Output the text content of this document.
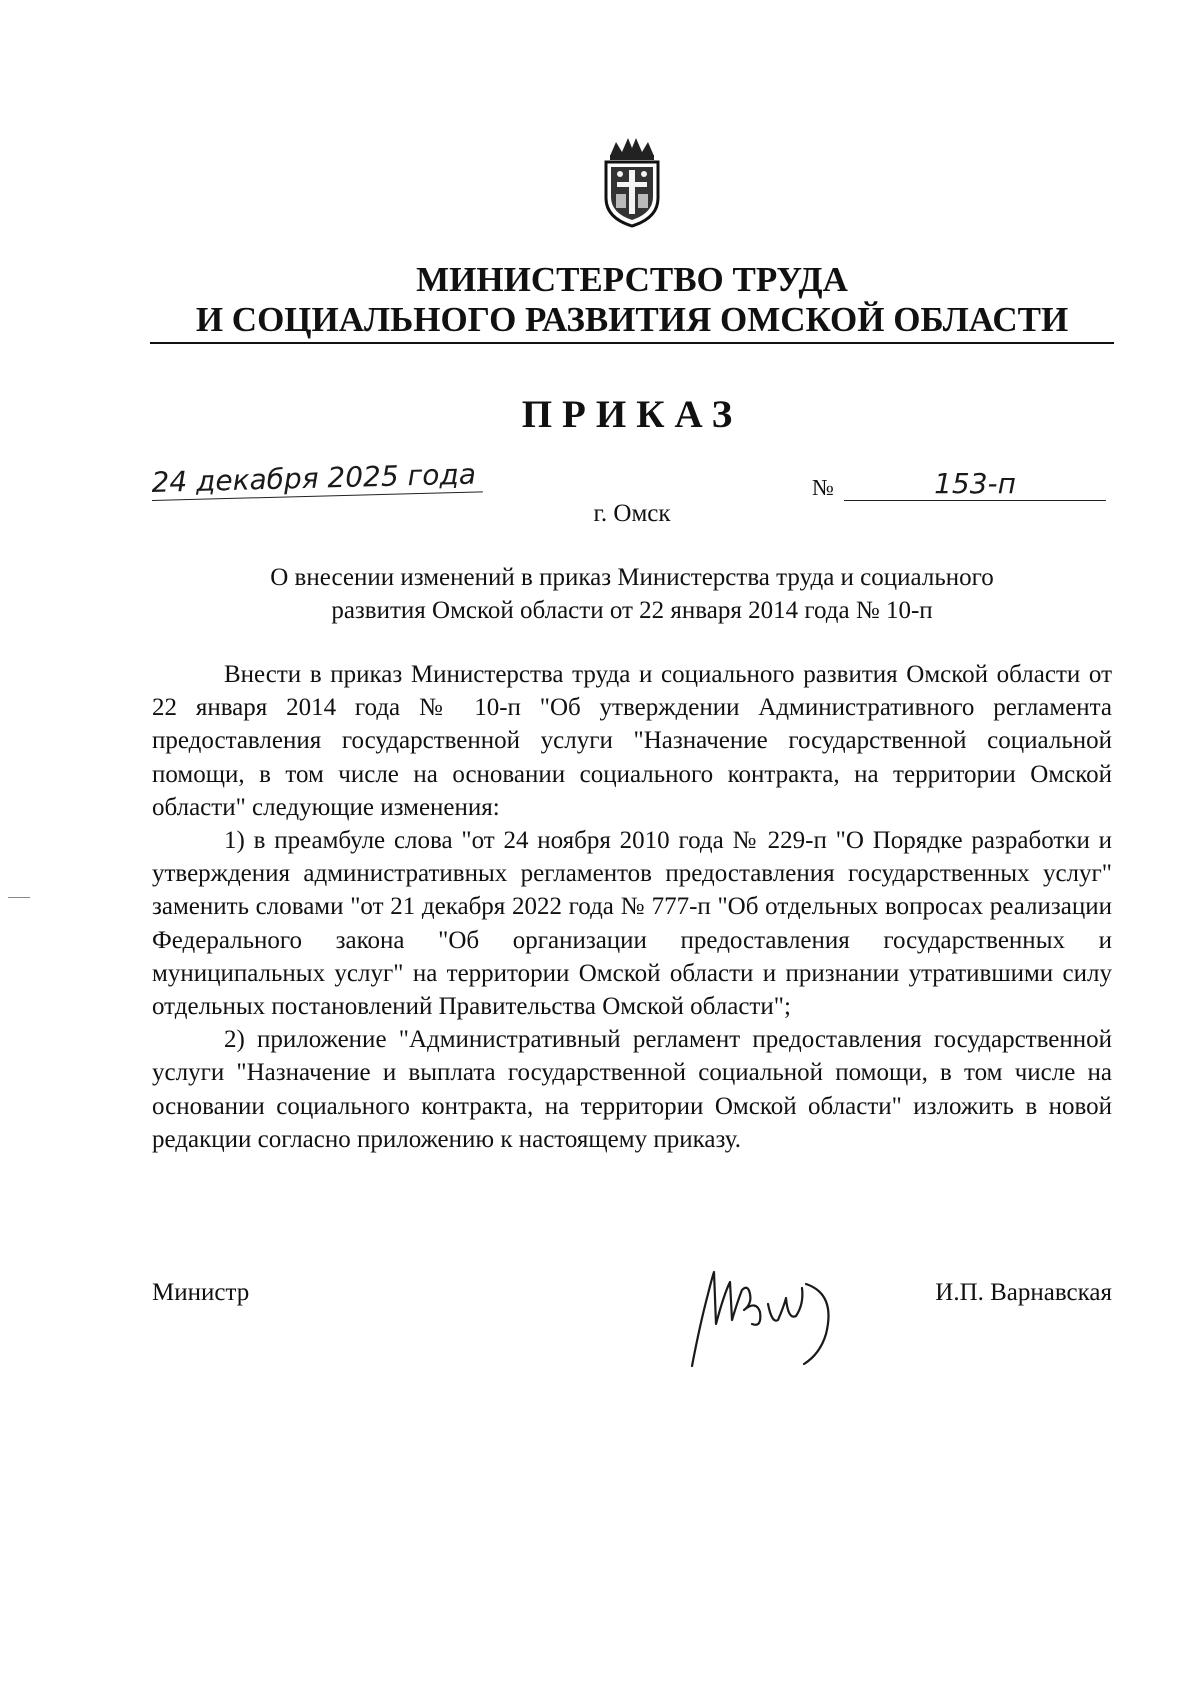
МИНИСТЕРСТВО ТРУДА
И СОЦИАЛЬНОГО РАЗВИТИЯ ОМСКОЙ ОБЛАСТИ
ПРИКАЗ
24 декабря 2025 года	№	153-п
г. Омск
О внесении изменений в приказ Министерства труда и социального
развития Омской области от 22 января 2014 года № 10-п

Внести в приказ Министерства труда и социального развития Омской области от 22 января 2014 года № 10-п "Об утверждении Административного регламента предоставления государственной услуги "Назначение государственной социальной помощи, в том числе на основании социального контракта, на территории Омской области" следующие изменения:

1) в преамбуле слова "от 24 ноября 2010 года № 229-п "О Порядке разработки и утверждения административных регламентов предоставления государственных услуг" заменить словами "от 21 декабря 2022 года № 777-п "Об отдельных вопросах реализации Федерального закона "Об организации предоставления государственных и муниципальных услуг" на территории Омской области и признании утратившими силу отдельных постановлений Правительства Омской области";

2) приложение "Административный регламент предоставления государственной услуги "Назначение и выплата государственной социальной помощи, в том числе на основании социального контракта, на территории Омской области" изложить в новой редакции согласно приложению к настоящему приказу.

Министр	И.П. Варнавская
